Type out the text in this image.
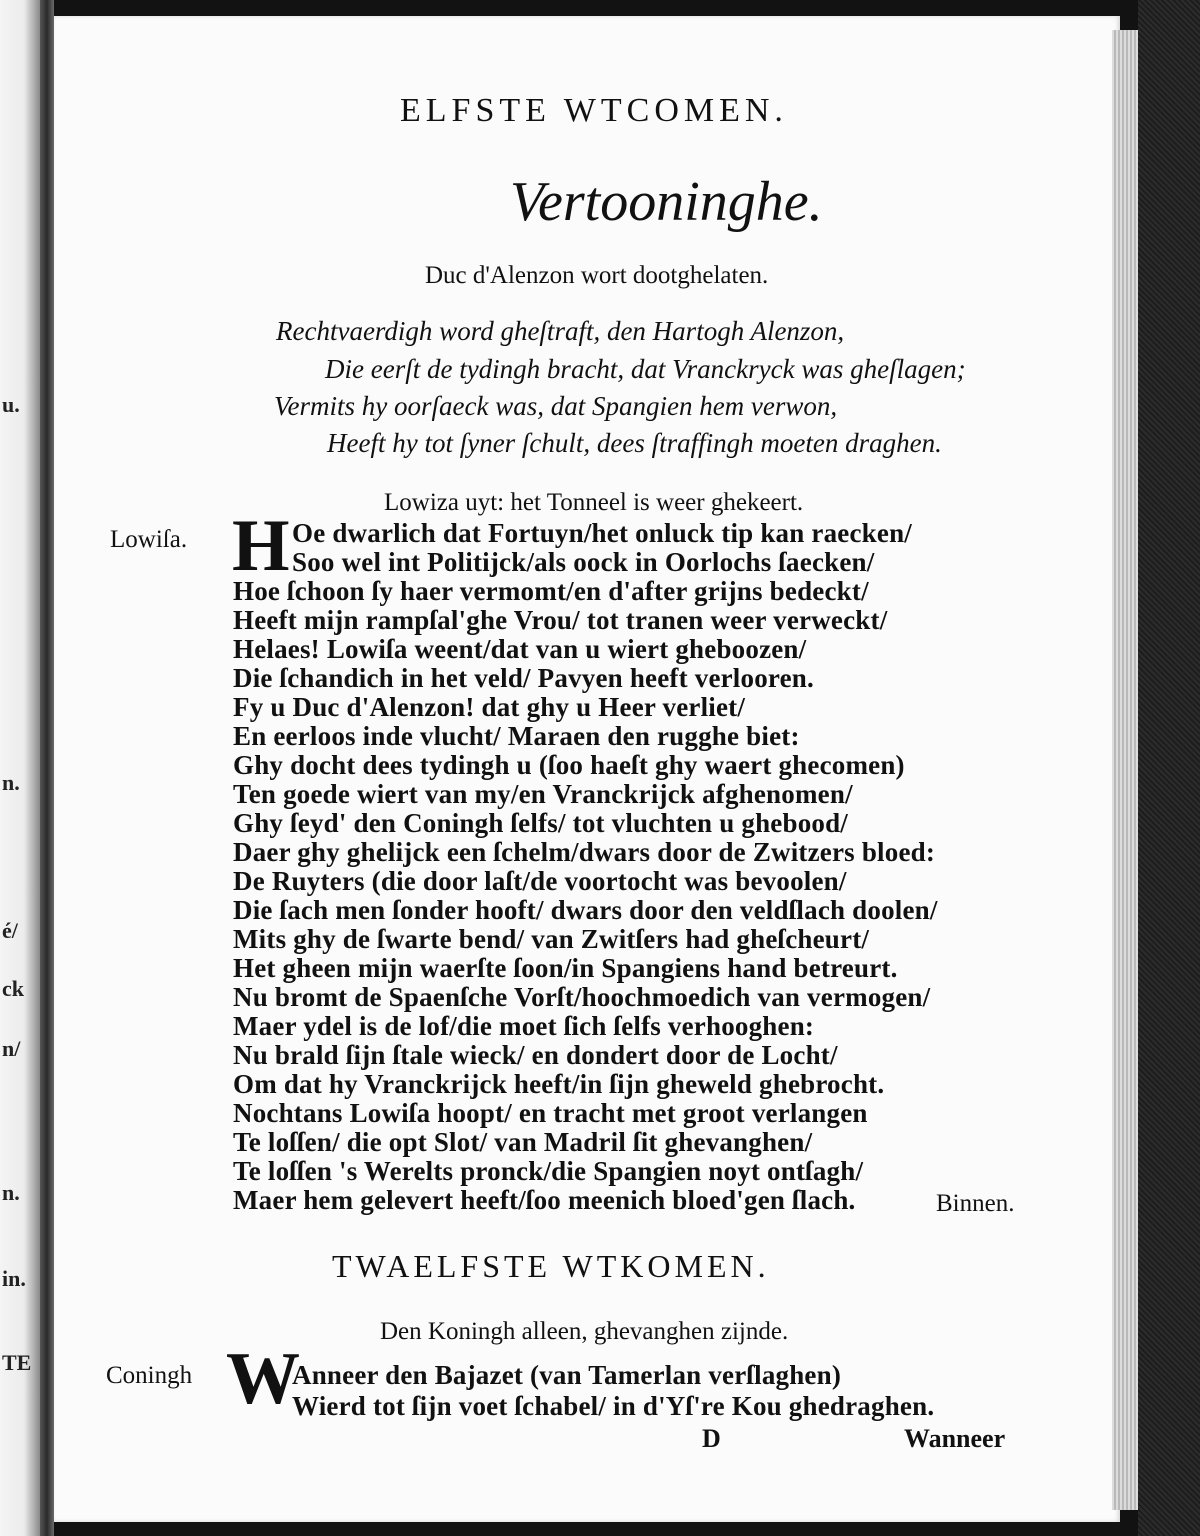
u.
n.
é/
ck
n/
n.
in.
TE
ELFSTE WTCOMEN.
Vertooninghe.
Duc d'Alenzon wort dootghelaten.
Rechtvaerdigh word gheſtraft, den Hartogh Alenzon,
Die eerſt de tydingh bracht, dat Vranckryck was gheſlagen;
Vermits hy oorſaeck was, dat Spangien hem verwon,
Heeft hy tot ſyner ſchult, dees ſtraffingh moeten draghen.
Lowiza uyt: het Tonneel is weer ghekeert.
Lowiſa. H Oe dwarlich dat Fortuyn/het onluck tip kan raecken/
Soo wel int Politijck/als oock in Oorlochs ſaecken/
Hoe ſchoon ſy haer vermomt/en d'after grijns bedeckt/
Heeft mijn rampſal'ghe Vrou/ tot tranen weer verweckt/
Helaes! Lowiſa weent/dat van u wiert gheboozen/
Die ſchandich in het veld/ Pavyen heeft verlooren.
Fy u Duc d'Alenzon! dat ghy u Heer verliet/
En eerloos inde vlucht/ Maraen den rugghe biet:
Ghy docht dees tydingh u (ſoo haeſt ghy waert ghecomen)
Ten goede wiert van my/en Vranckrijck afghenomen/
Ghy ſeyd' den Coningh ſelfs/ tot vluchten u ghebood/
Daer ghy ghelijck een ſchelm/dwars door de Zwitzers bloed:
De Ruyters (die door laſt/de voortocht was bevoolen/
Die ſach men ſonder hooft/ dwars door den veldſlach doolen/
Mits ghy de ſwarte bend/ van Zwitſers had gheſcheurt/
Het gheen mijn waerſte ſoon/in Spangiens hand betreurt.
Nu bromt de Spaenſche Vorſt/hoochmoedich van vermogen/
Maer ydel is de lof/die moet ſich ſelfs verhooghen:
Nu brald ſijn ſtale wieck/ en dondert door de Locht/
Om dat hy Vranckrijck heeft/in ſijn gheweld ghebrocht.
Nochtans Lowiſa hoopt/ en tracht met groot verlangen
Te loſſen/ die opt Slot/ van Madril ſit ghevanghen/
Te loſſen 's Werelts pronck/die Spangien noyt ontſagh/
Maer hem gelevert heeft/ſoo meenich bloed'gen ſlach.	Binnen.
TWAELFSTE WTKOMEN.
Den Koningh alleen, ghevanghen zijnde.
Coningh W
Anneer den Bajazet (van Tamerlan verſlaghen)
Wierd tot ſijn voet ſchabel/ in d'Yſ're Kou ghedraghen.
D	Wanneer
